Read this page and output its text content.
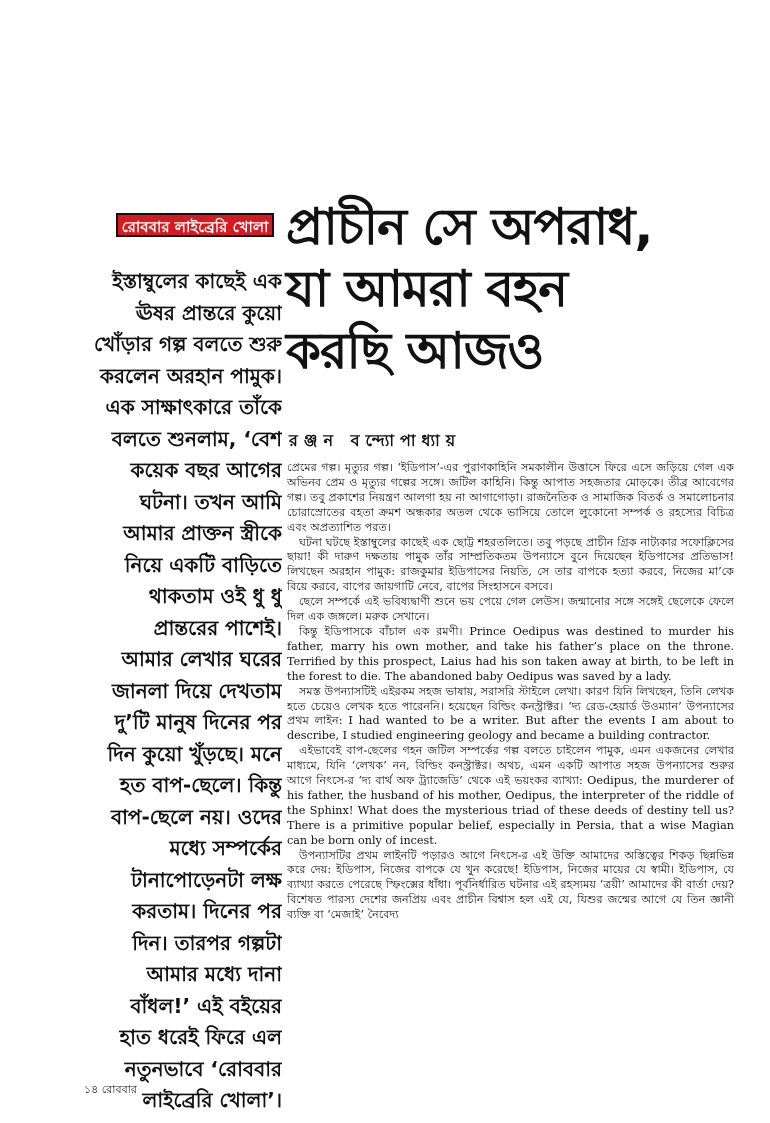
রোববার লাইব্রেরি খোলা প্রাচীন সে অপরাধ,
যা আমরা বহন
করছি আজও
রঞ্জন বন্দ্যোপাধ্যায়
ইস্তাম্বুলের কাছেই এক
ঊষর প্রান্তরে কুয়ো
খোঁড়ার গল্প বলতে শুরু
করলেন অরহান পামুক।
এক সাক্ষাৎকারে তাঁকে
বলতে শুনলাম, ‘বেশ
কয়েক বছর আগের
ঘটনা। তখন আমি
আমার প্রাক্তন স্ত্রীকে
নিয়ে একটি বাড়িতে
থাকতাম ওই ধু ধু
প্রান্তরের পাশেই।
আমার লেখার ঘরের
জানলা দিয়ে দেখতাম
দু’টি মানুষ দিনের পর
দিন কুয়ো খুঁড়ছে। মনে
হত বাপ-ছেলে। কিন্তু
বাপ-ছেলে নয়। ওদের
মধ্যে সম্পর্কের
টানাপোড়েনটা লক্ষ
করতাম। দিনের পর
দিন। তারপর গল্পটা
আমার মধ্যে দানা
বাঁধল!’ এই বইয়ের
হাত ধরেই ফিরে এল
নতুনভাবে ‘রোববার
লাইব্রেরি খোলা’।

প্রেমের গল্প। মৃত্যুর গল্প। ‘ইডিপাস’-এর পুরাণকাহিনি সমকালীন উত্তাসে ফিরে এসে জড়িয়ে গেল এক অভিনব প্রেম ও মৃত্যুর গল্পের সঙ্গে। জটিল কাহিনি। কিন্তু আপাত সহজতার মোড়কে। তীব্র আবেগের গল্প। তবু প্রকাশের নিয়ন্ত্রণ আলগা হয় না আগাগোড়া। রাজনৈতিক ও সামাজিক বিতর্ক ও সমালোচনার চোরাস্রোতের বহতা ক্রমশ অন্ধকার অতল থেকে ভাসিয়ে তোলে লুকোনো সম্পর্ক ও রহস্যের বিচিত্র এবং অপ্রত্যাশিত পরত।

ঘটনা ঘটছে ইস্তাম্বুলের কাছেই এক ছোট্ট শহরতলিতে। তবু পড়ছে প্রাচীন গ্রিক নাট্যকার সফোক্লিসের ছায়া! কী দারুণ দক্ষতায় পামুক তাঁর সাম্প্রতিকতম উপন্যাসে বুনে দিয়েছেন ইডিপাসের প্রতিভাস! লিখছেন অরহান পামুক: রাজকুমার ইডিপাসের নিয়তি, সে তার বাপকে হত্যা করবে, নিজের মা’কে বিয়ে করবে, বাপের জায়গাটি নেবে, বাপের সিংহাসনে বসবে।

ছেলে সম্পর্কে এই ভবিষ্যদ্বাণী শুনে ভয় পেয়ে গেল লেউস। জন্মানোর সঙ্গে সঙ্গেই ছেলেকে ফেলে দিল এক জঙ্গলে। মরুক সেখানে।

কিন্তু ইডিপাসকে বাঁচাল এক রমণী। Prince Oedipus was destined to murder his father, marry his own mother, and take his father’s place on the throne. Terrified by this prospect, Laius had his son taken away at birth, to be left in the forest to die. The abandoned baby Oedipus was saved by a lady.

সমস্ত উপন্যাসটিই এইরকম সহজ ভাষায়, সরাসরি স্টাইলে লেখা। কারণ যিনি লিখছেন, তিনি লেখক হতে চেয়েও লেখক হতে পারেননি। হয়েছেন বিল্ডিং কনস্ট্রাক্টর। ‘দ্য রেড-হেয়ার্ড উওম্যান’ উপন্যাসের প্রথম লাইন: I had wanted to be a writer. But after the events I am about to describe, I studied engineering geology and became a building contractor.

এইভাবেই বাপ-ছেলের গহন জটিল সম্পর্কের গল্প বলতে চাইলেন পামুক, এমন একজনের লেখার মাধ্যমে, যিনি ‘লেখক’ নন, বিল্ডিং কনস্ট্রাক্টর। অথচ, এমন একটি আপাত সহজ উপন্যাসের শুরুর আগে নিৎসে-র ‘দ্য বার্থ অফ ট্র্যাজেডি’ থেকে এই ভয়ংকর ব্যাখ্যা: Oedipus, the murderer of his father, the husband of his mother, Oedipus, the interpreter of the riddle of the Sphinx! What does the mysterious triad of these deeds of destiny tell us? There is a primitive popular belief, especially in Persia, that a wise Magian can be born only of incest.

উপন্যাসটির প্রথম লাইনটি পড়ারও আগে নিৎসে-র এই উক্তি আমাদের অস্তিত্বের শিকড় ছিন্নভিন্ন করে দেয়: ইডিপাস, নিজের বাপকে যে খুন করেছে! ইডিপাস, নিজের মায়ের যে স্বামী। ইডিপাস, যে ব্যাখ্যা করতে পেরেছে স্ফিংক্সের ধাঁধা। পূর্বনির্ধারিত ঘটনার এই রহস্যময় ‘ত্রয়ী’ আমাদের কী বার্তা দেয়? বিশেষত পারস্য দেশের জনপ্রিয় এবং প্রাচীন বিশ্বাস হল এই যে, যিশুর জন্মের আগে যে তিন জ্ঞানী ব্যক্তি বা ‘মেজাই’ নৈবেদ্য

১৪ রোববার
